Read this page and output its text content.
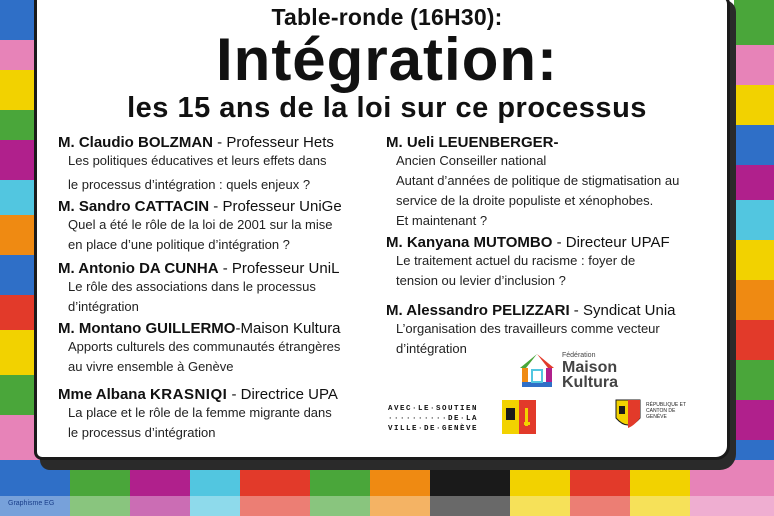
Table-ronde (16H30):
Intégration:
les 15 ans de la loi sur ce processus
M. Claudio BOLZMAN - Professeur Hets
Les politiques éducatives et leurs effets dans
le processus d’intégration : quels enjeux ?
M. Sandro CATTACIN - Professeur UniGe
Quel a été le rôle de la loi de 2001 sur la mise
en place d’une politique d’intégration ?
M. Antonio DA CUNHA - Professeur UniL
Le rôle des associations dans le processus
d’intégration
M. Montano GUILLERMO-Maison Kultura
Apports culturels des communautés étrangères
au vivre ensemble à Genève
Mme Albana KRASNIQI - Directrice UPA
La place et le rôle de la femme migrante dans
le processus d’intégration
M. Ueli LEUENBERGER-
Ancien Conseiller national
Autant d’années de politique de stigmatisation au
service de la droite populiste et xénophobes.
Et maintenant ?
M. Kanyana MUTOMBO - Directeur UPAF
Le traitement actuel du racisme : foyer de
tension ou levier d’inclusion ?
M. Alessandro PELIZZARI - Syndicat Unia
L’organisation des travailleurs comme vecteur
d’intégration	Fédération
Maison
Kultura
AVEC·LE·SOUTIEN
··········DE·LA
VILLE·DE·GENÈVE
RÉPUBLIQUE ET CANTON DE GENÈVE
Graphisme EG
